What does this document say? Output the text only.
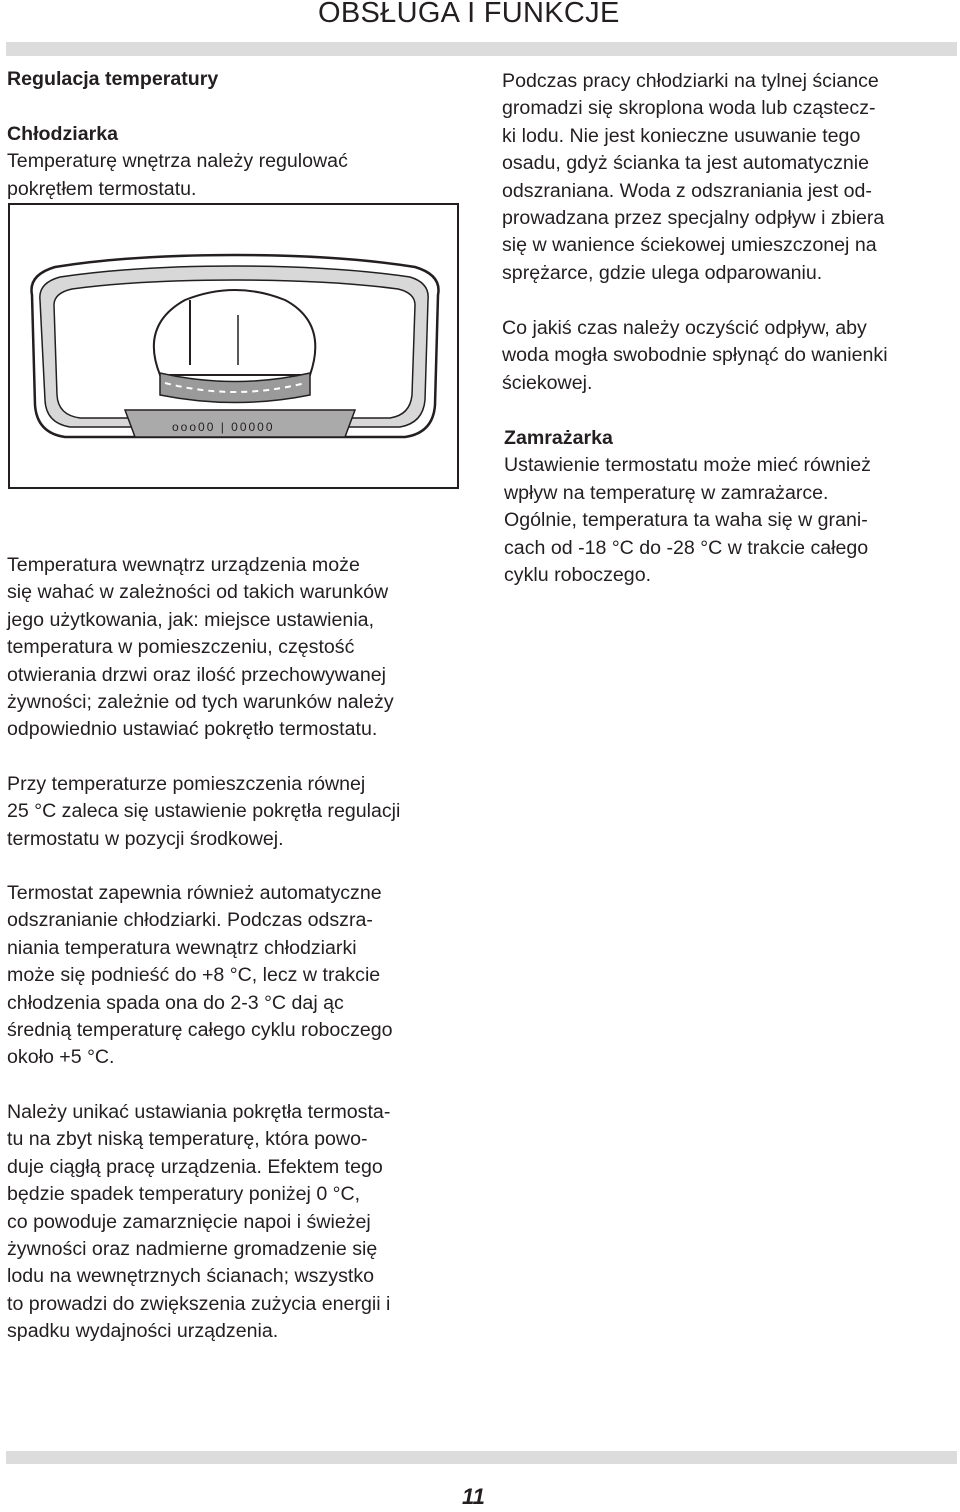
OBSŁUGA I FUNKCJE

Regulacja temperatury

Chłodziarka

Temperaturę wnętrza należy regulować
pokrętłem termostatu.

ooo00 | 00000

Temperatura wewnątrz urządzenia może
się wahać w zależności od takich warunków
jego użytkowania, jak: miejsce ustawienia,
temperatura w pomieszczeniu, częstość
otwierania drzwi oraz ilość przechowywanej
żywności; zależnie od tych warunków należy
odpowiednio ustawiać pokrętło termostatu.

Przy temperaturze pomieszczenia równej
25 °C zaleca się ustawienie pokrętła regulacji
termostatu w pozycji środkowej.

Termostat zapewnia również automatyczne
odszranianie chłodziarki. Podczas odszra-
niania temperatura wewnątrz chłodziarki
może się podnieść do +8 °C, lecz w trakcie
chłodzenia spada ona do 2-3 °C daj ąc
średnią temperaturę całego cyklu roboczego
około +5 °C.

Należy unikać ustawiania pokrętła termosta-
tu na zbyt niską temperaturę, która powo-
duje ciągłą pracę urządzenia. Efektem tego
będzie spadek temperatury poniżej 0 °C,
co powoduje zamarznięcie napoi i świeżej
żywności oraz nadmierne gromadzenie się
lodu na wewnętrznych ścianach; wszystko
to prowadzi do zwiększenia zużycia energii i
spadku wydajności urządzenia.

Podczas pracy chłodziarki na tylnej ściance
gromadzi się skroplona woda lub cząstecz-
ki lodu. Nie jest konieczne usuwanie tego
osadu, gdyż ścianka ta jest automatycznie
odszraniana. Woda z odszraniania jest od-
prowadzana przez specjalny odpływ i zbiera
się w wanience ściekowej umieszczonej na
sprężarce, gdzie ulega odparowaniu.

Co jakiś czas należy oczyścić odpływ, aby
woda mogła swobodnie spłynąć do wanienki
ściekowej.

Zamrażarka

Ustawienie termostatu może mieć również
wpływ na temperaturę w zamrażarce.
Ogólnie, temperatura ta waha się w grani-
cach od -18 °C do -28 °C w trakcie całego
cyklu roboczego.

11
